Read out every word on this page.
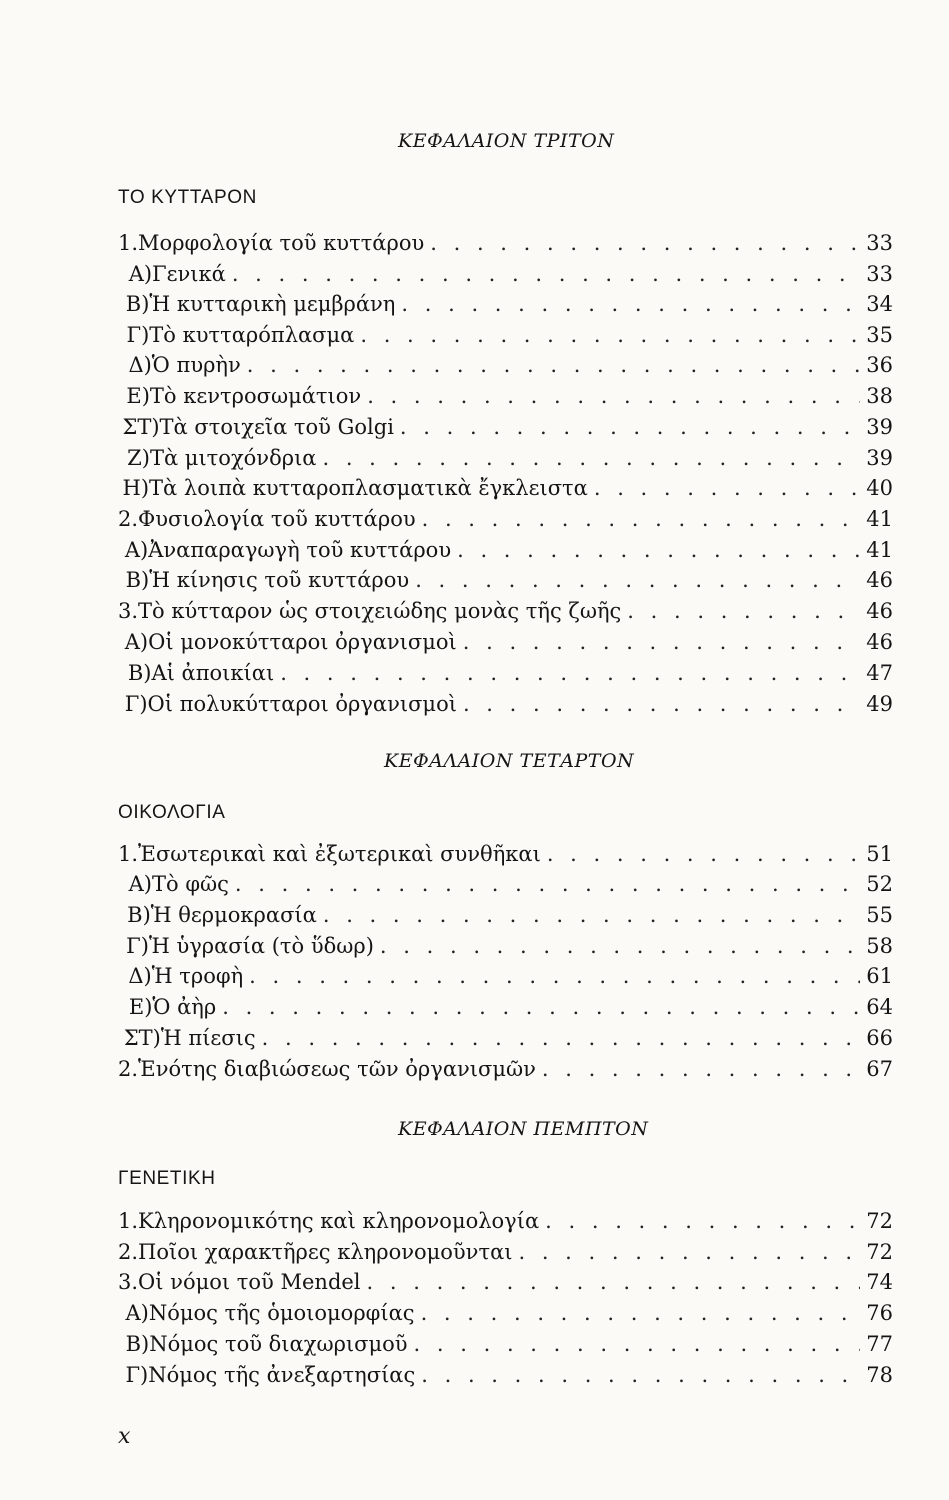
ΚΕΦΑΛΑΙΟΝ ΤΡΙΤΟΝ
ΤΟ ΚΥΤΤΑΡΟΝ
1. Μορφολογία τοῦ κυττάρου . . .	33
Α) Γενικά . . .	33
Β) Ἡ κυτταρικὴ μεμβράνη . . .	34
Γ) Τὸ κυτταρόπλασμα . . .	35
Δ) Ὁ πυρὴν . . .	36
Ε) Τὸ κεντροσωμάτιον . . .	38
ΣΤ) Τὰ στοιχεῖα τοῦ Golgi . . .	39
Ζ) Τὰ μιτοχόνδρια . . .	39
Η) Τὰ λοιπὰ κυτταροπλασματικὰ ἔγκλειστα . . .	40
2. Φυσιολογία τοῦ κυττάρου . . .	41
Α) Ἀναπαραγωγὴ τοῦ κυττάρου . . .	41
Β) Ἡ κίνησις τοῦ κυττάρου . . .	46
3. Τὸ κύτταρον ὡς στοιχειώδης μονὰς τῆς ζωῆς . . .	46
Α) Οἱ μονοκύτταροι ὀργανισμοὶ . . .	46
Β) Αἱ ἀποικίαι . . .	47
Γ) Οἱ πολυκύτταροι ὀργανισμοὶ . . .	49
ΚΕΦΑΛΑΙΟΝ ΤΕΤΑΡΤΟΝ
ΟΙΚΟΛΟΓΙΑ
1. Ἐσωτερικαὶ καὶ ἐξωτερικαὶ συνθῆκαι . . .	51
Α) Τὸ φῶς . . .	52
Β) Ἡ θερμοκρασία . . .	55
Γ) Ἡ ὑγρασία (τὸ ὕδωρ) . . .	58
Δ) Ἡ τροφὴ . . .	61
Ε) Ὁ ἀὴρ . . .	64
ΣΤ) Ἡ πίεσις . . .	66
2. Ἑνότης διαβιώσεως τῶν ὀργανισμῶν . . .	67
ΚΕΦΑΛΑΙΟΝ ΠΕΜΠΤΟΝ
ΓΕΝΕΤΙΚΗ
1. Κληρονομικότης καὶ κληρονομολογία . . .	72
2. Ποῖοι χαρακτῆρες κληρονομοῦνται . . .	72
3. Οἱ νόμοι τοῦ Mendel . . .	74
Α) Νόμος τῆς ὁμοιομορφίας . . .	76
Β) Νόμος τοῦ διαχωρισμοῦ . . .	77
Γ) Νόμος τῆς ἀνεξαρτησίας . . .	78
x
